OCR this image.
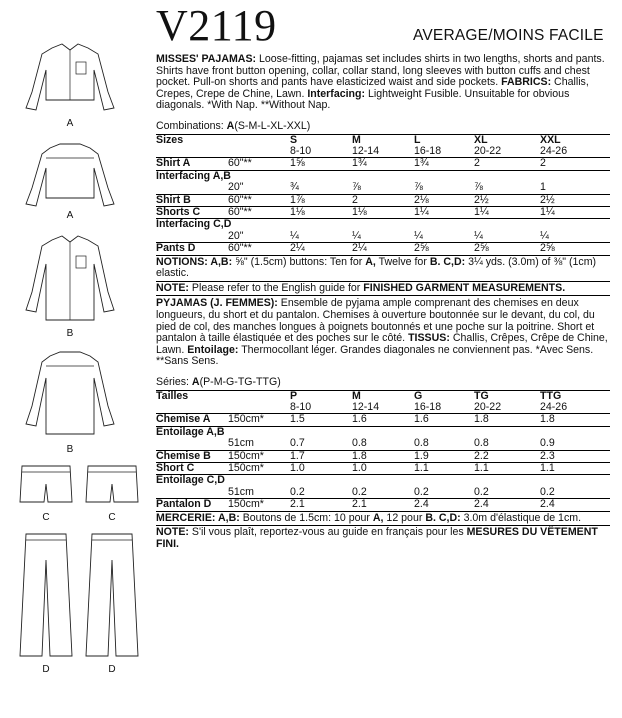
A
A
B
B
C	C
D	D
V2119	AVERAGE/MOINS FACILE

MISSES' PAJAMAS: Loose-fitting, pajamas set includes shirts in two lengths, shorts and pants. Shirts have front button opening, collar, collar stand, long sleeves with button cuffs and chest pocket. Pull-on shorts and pants have elasticized waist and side pockets. FABRICS: Challis, Crepes, Crepe de Chine, Lawn. Interfacing: Lightweight Fusible. Unsuitable for obvious diagonals. *With Nap. **Without Nap.

Combinations: A(S-M-L-XL-XXL)
Sizes		S	M	L	XL	XXL
		8-10	12-14	16-18	20-22	24-26
Shirt A	60"**	1⅝	1¾	1¾	2	2
Interfacing A,B						
	20"	¾	⅞	⅞	⅞	1
Shirt B	60"**	1⅞	2	2⅛	2½	2½
Shorts C	60"**	1⅛	1⅛	1¼	1¼	1¼
Interfacing C,D						
	20"	¼	¼	¼	¼	¼
Pants D	60"**	2¼	2¼	2⅝	2⅝	2⅝
NOTIONS: A,B: ⅝" (1.5cm) buttons: Ten for A, Twelve for B. C,D: 3¼ yds. (3.0m) of ⅜" (1cm) elastic.
NOTE: Please refer to the English guide for FINISHED GARMENT MEASUREMENTS.

PYJAMAS (J. FEMMES): Ensemble de pyjama ample comprenant des chemises en deux longueurs, du short et du pantalon. Chemises à ouverture boutonnée sur le devant, du col, du pied de col, des manches longues à poignets boutonnés et une poche sur la poitrine. Short et pantalon à taille élastiquée et des poches sur le côté. TISSUS: Challis, Crêpes, Crêpe de Chine, Lawn. Entoilage: Thermocollant léger. Grandes diagonales ne conviennent pas. *Avec Sens. **Sans Sens.

Séries: A(P-M-G-TG-TTG)
Tailles		P	M	G	TG	TTG
		8-10	12-14	16-18	20-22	24-26
Chemise A	150cm*	1.5	1.6	1.6	1.8	1.8
Entoilage A,B						
	51cm	0.7	0.8	0.8	0.8	0.9
Chemise B	150cm*	1.7	1.8	1.9	2.2	2.3
Short C	150cm*	1.0	1.0	1.1	1.1	1.1
Entoilage C,D						
	51cm	0.2	0.2	0.2	0.2	0.2
Pantalon D	150cm*	2.1	2.1	2.4	2.4	2.4
MERCERIE: A,B: Boutons de 1.5cm: 10 pour A, 12 pour B. C,D: 3.0m d'élastique de 1cm.
NOTE: S'il vous plaît, reportez-vous au guide en français pour les MESURES DU VÊTEMENT FINI.
